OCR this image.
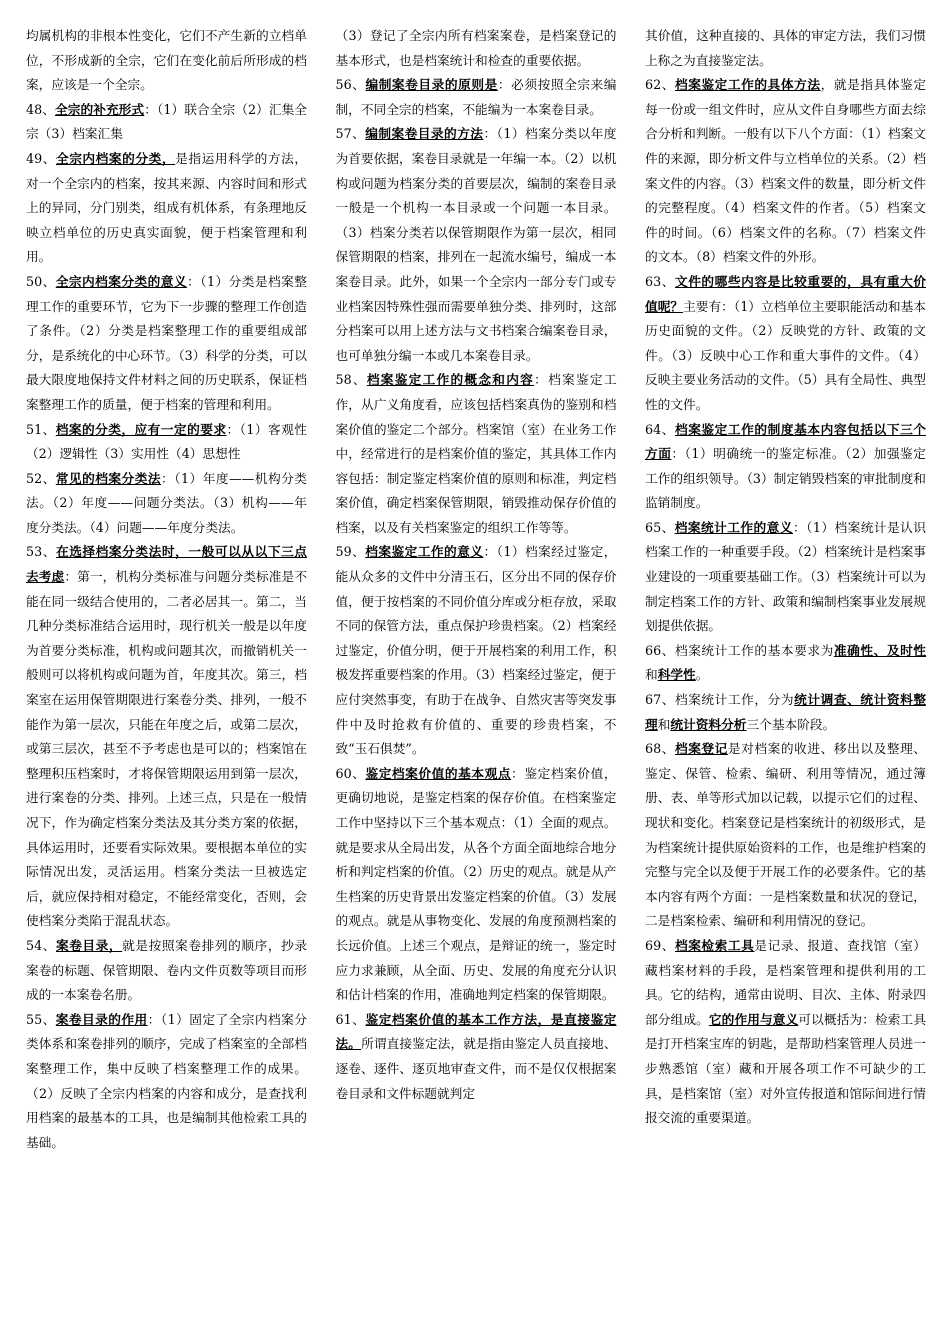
均属机构的非根本性变化，它们不产生新的立档单位，不形成新的全宗，它们在变化前后所形成的档案，应该是一个全宗。

48、全宗的补充形式：（1）联合全宗（2）汇集全宗（3）档案汇集

49、全宗内档案的分类，是指运用科学的方法，对一个全宗内的档案，按其来源、内容时间和形式上的异同，分门别类，组成有机体系，有条理地反映立档单位的历史真实面貌，便于档案管理和利用。

50、全宗内档案分类的意义：（1）分类是档案整理工作的重要环节，它为下一步骤的整理工作创造了条件。（2）分类是档案整理工作的重要组成部分，是系统化的中心环节。（3）科学的分类，可以最大限度地保持文件材料之间的历史联系，保证档案整理工作的质量，便于档案的管理和利用。

51、档案的分类，应有一定的要求：（1）客观性（2）逻辑性（3）实用性（4）思想性

52、常见的档案分类法：（1）年度——机构分类法。（2）年度——问题分类法。（3）机构——年度分类法。（4）问题——年度分类法。

53、在选择档案分类法时，一般可以从以下三点去考虑：第一，机构分类标准与问题分类标准是不能在同一级结合使用的，二者必居其一。第二，当几种分类标准结合运用时，现行机关一般是以年度为首要分类标准，机构或问题其次，而撤销机关一般则可以将机构或问题为首，年度其次。第三，档案室在运用保管期限进行案卷分类、排列，一般不能作为第一层次，只能在年度之后，或第二层次，或第三层次，甚至不予考虑也是可以的；档案馆在整理积压档案时，才将保管期限运用到第一层次，进行案卷的分类、排列。上述三点，只是在一般情况下，作为确定档案分类法及其分类方案的依据，具体运用时，还要看实际效果。要根据本单位的实际情况出发，灵活运用。档案分类法一旦被选定后，就应保持相对稳定，不能经常变化，否则，会使档案分类陷于混乱状态。

54、案卷目录，就是按照案卷排列的顺序，抄录案卷的标题、保管期限、卷内文件页数等项目而形成的一本案卷名册。

55、案卷目录的作用：（1）固定了全宗内档案分类体系和案卷排列的顺序，完成了档案室的全部档案整理工作，集中反映了档案整理工作的成果。（2）反映了全宗内档案的内容和成分，是查找利用档案的最基本的工具，也是编制其他检索工具的基础。

（3）登记了全宗内所有档案案卷，是档案登记的基本形式，也是档案统计和检查的重要依据。

56、编制案卷目录的原则是：必须按照全宗来编制，不同全宗的档案，不能编为一本案卷目录。

57、编制案卷目录的方法：（1）档案分类以年度为首要依据，案卷目录就是一年编一本。（2）以机构或问题为档案分类的首要层次，编制的案卷目录一般是一个机构一本目录或一个问题一本目录。（3）档案分类若以保管期限作为第一层次，相同保管期限的档案，排列在一起流水编号，编成一本案卷目录。此外，如果一个全宗内一部分专门或专业档案因特殊性强而需要单独分类、排列时，这部分档案可以用上述方法与文书档案合编案卷目录，也可单独分编一本或几本案卷目录。

58、档案鉴定工作的概念和内容：档案鉴定工作，从广义角度看，应该包括档案真伪的鉴别和档案价值的鉴定二个部分。档案馆（室）在业务工作中，经常进行的是档案价值的鉴定，其具体工作内容包括：制定鉴定档案价值的原则和标准，判定档案价值，确定档案保管期限，销毁推动保存价值的档案，以及有关档案鉴定的组织工作等等。

59、档案鉴定工作的意义：（1）档案经过鉴定，能从众多的文件中分清玉石，区分出不同的保存价值，便于按档案的不同价值分库或分柜存放，采取不同的保管方法，重点保护珍贵档案。（2）档案经过鉴定，价值分明，便于开展档案的利用工作，积极发挥重要档案的作用。（3）档案经过鉴定，便于应付突然事变，有助于在战争、自然灾害等突发事件中及时抢救有价值的、重要的珍贵档案，不致“玉石俱焚”。

60、鉴定档案价值的基本观点：鉴定档案价值，更确切地说，是鉴定档案的保存价值。在档案鉴定工作中坚持以下三个基本观点：（1）全面的观点。就是要求从全局出发，从各个方面全面地综合地分析和判定档案的价值。（2）历史的观点。就是从产生档案的历史背景出发鉴定档案的价值。（3）发展的观点。就是从事物变化、发展的角度预测档案的长远价值。上述三个观点，是辩证的统一，鉴定时应力求兼顾，从全面、历史、发展的角度充分认识和估计档案的作用，准确地判定档案的保管期限。

61、鉴定档案价值的基本工作方法，是直接鉴定法。所谓直接鉴定法，就是指由鉴定人员直接地、逐卷、逐件、逐页地审查文件，而不是仅仅根据案卷目录和文件标题就判定

其价值，这种直接的、具体的审定方法，我们习惯上称之为直接鉴定法。

62、档案鉴定工作的具体方法，就是指具体鉴定每一份或一组文件时，应从文件自身哪些方面去综合分析和判断。一般有以下八个方面：（1）档案文件的来源，即分析文件与立档单位的关系。（2）档案文件的内容。（3）档案文件的数量，即分析文件的完整程度。（4）档案文件的作者。（5）档案文件的时间。（6）档案文件的名称。（7）档案文件的文本。（8）档案文件的外形。

63、文件的哪些内容是比较重要的，具有重大价值呢？主要有：（1）立档单位主要职能活动和基本历史面貌的文件。（2）反映党的方针、政策的文件。（3）反映中心工作和重大事件的文件。（4）反映主要业务活动的文件。（5）具有全局性、典型性的文件。

64、档案鉴定工作的制度基本内容包括以下三个方面：（1）明确统一的鉴定标准。（2）加强鉴定工作的组织领导。（3）制定销毁档案的审批制度和监销制度。

65、档案统计工作的意义：（1）档案统计是认识档案工作的一种重要手段。（2）档案统计是档案事业建设的一项重要基础工作。（3）档案统计可以为制定档案工作的方针、政策和编制档案事业发展规划提供依据。

66、档案统计工作的基本要求为准确性、及时性和科学性。

67、档案统计工作，分为统计调查、统计资料整理和统计资料分析三个基本阶段。

68、档案登记是对档案的收进、移出以及整理、鉴定、保管、检索、编研、利用等情况，通过簿册、表、单等形式加以记载，以提示它们的过程、现状和变化。档案登记是档案统计的初级形式，是为档案统计提供原始资料的工作，也是维护档案的完整与完全以及便于开展工作的必要条件。它的基本内容有两个方面：一是档案数量和状况的登记，二是档案检索、编研和利用情况的登记。

69、档案检索工具是记录、报道、查找馆（室）藏档案材料的手段，是档案管理和提供利用的工具。它的结构，通常由说明、目次、主体、附录四部分组成。它的作用与意义可以概括为：检索工具是打开档案宝库的钥匙，是帮助档案管理人员进一步熟悉馆（室）藏和开展各项工作不可缺少的工具，是档案馆（室）对外宣传报道和馆际间进行情报交流的重要渠道。
